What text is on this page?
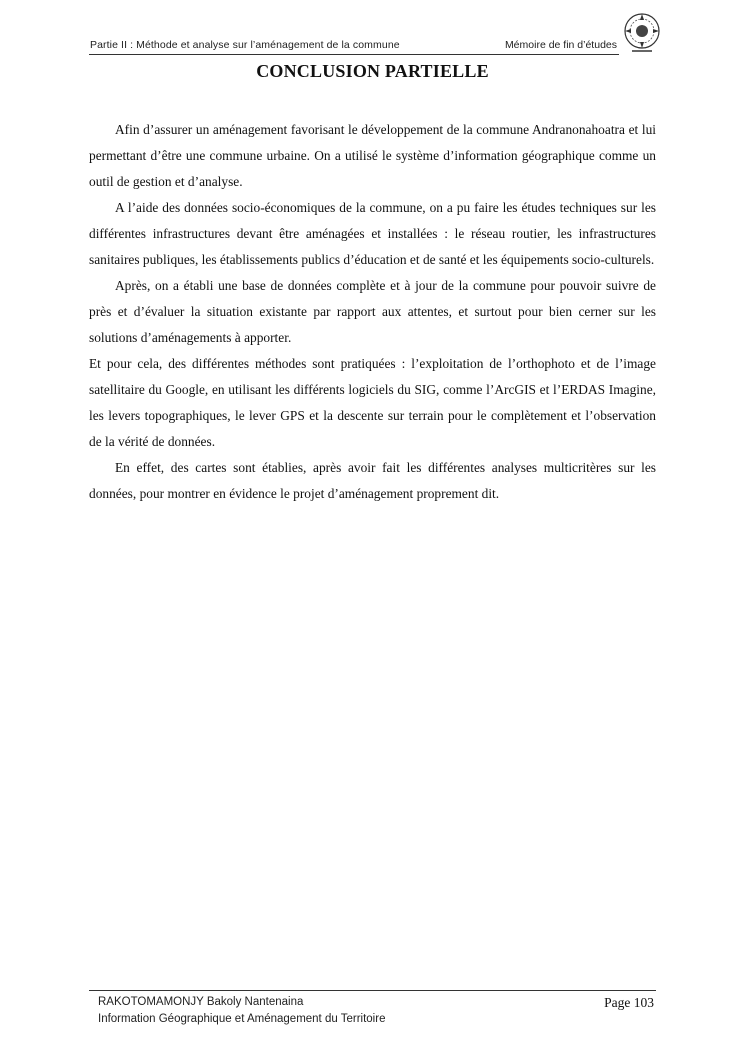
Partie II : Méthode et analyse sur l’aménagement de la commune	Mémoire de fin d’études
CONCLUSION PARTIELLE

Afin d’assurer un aménagement favorisant le développement de la commune Andranonahoatra et lui permettant d’être une commune urbaine. On a utilisé le système d’information géographique comme un outil de gestion et d’analyse.

A l’aide des données socio-économiques de la commune, on a pu faire les études techniques sur les différentes infrastructures devant être aménagées et installées : le réseau routier, les infrastructures sanitaires publiques, les établissements publics d’éducation et de santé et les équipements socio-culturels.

Après, on a établi une base de données complète et à jour de la commune pour pouvoir suivre de près et d’évaluer la situation existante par rapport aux attentes, et surtout pour bien cerner sur les solutions d’aménagements à apporter.

Et pour cela, des différentes méthodes sont pratiquées : l’exploitation de l’orthophoto et de l’image satellitaire du Google, en utilisant les différents logiciels du SIG, comme l’ArcGIS et l’ERDAS Imagine, les levers topographiques, le lever GPS et la descente sur terrain pour le complètement et l’observation de la vérité de données.

En effet, des cartes sont établies, après avoir fait les différentes analyses multicritères sur les données, pour montrer en évidence le projet d’aménagement proprement dit.

RAKOTOMAMONJY Bakoly Nantenaina
Information Géographique et Aménagement du Territoire
Page 103
